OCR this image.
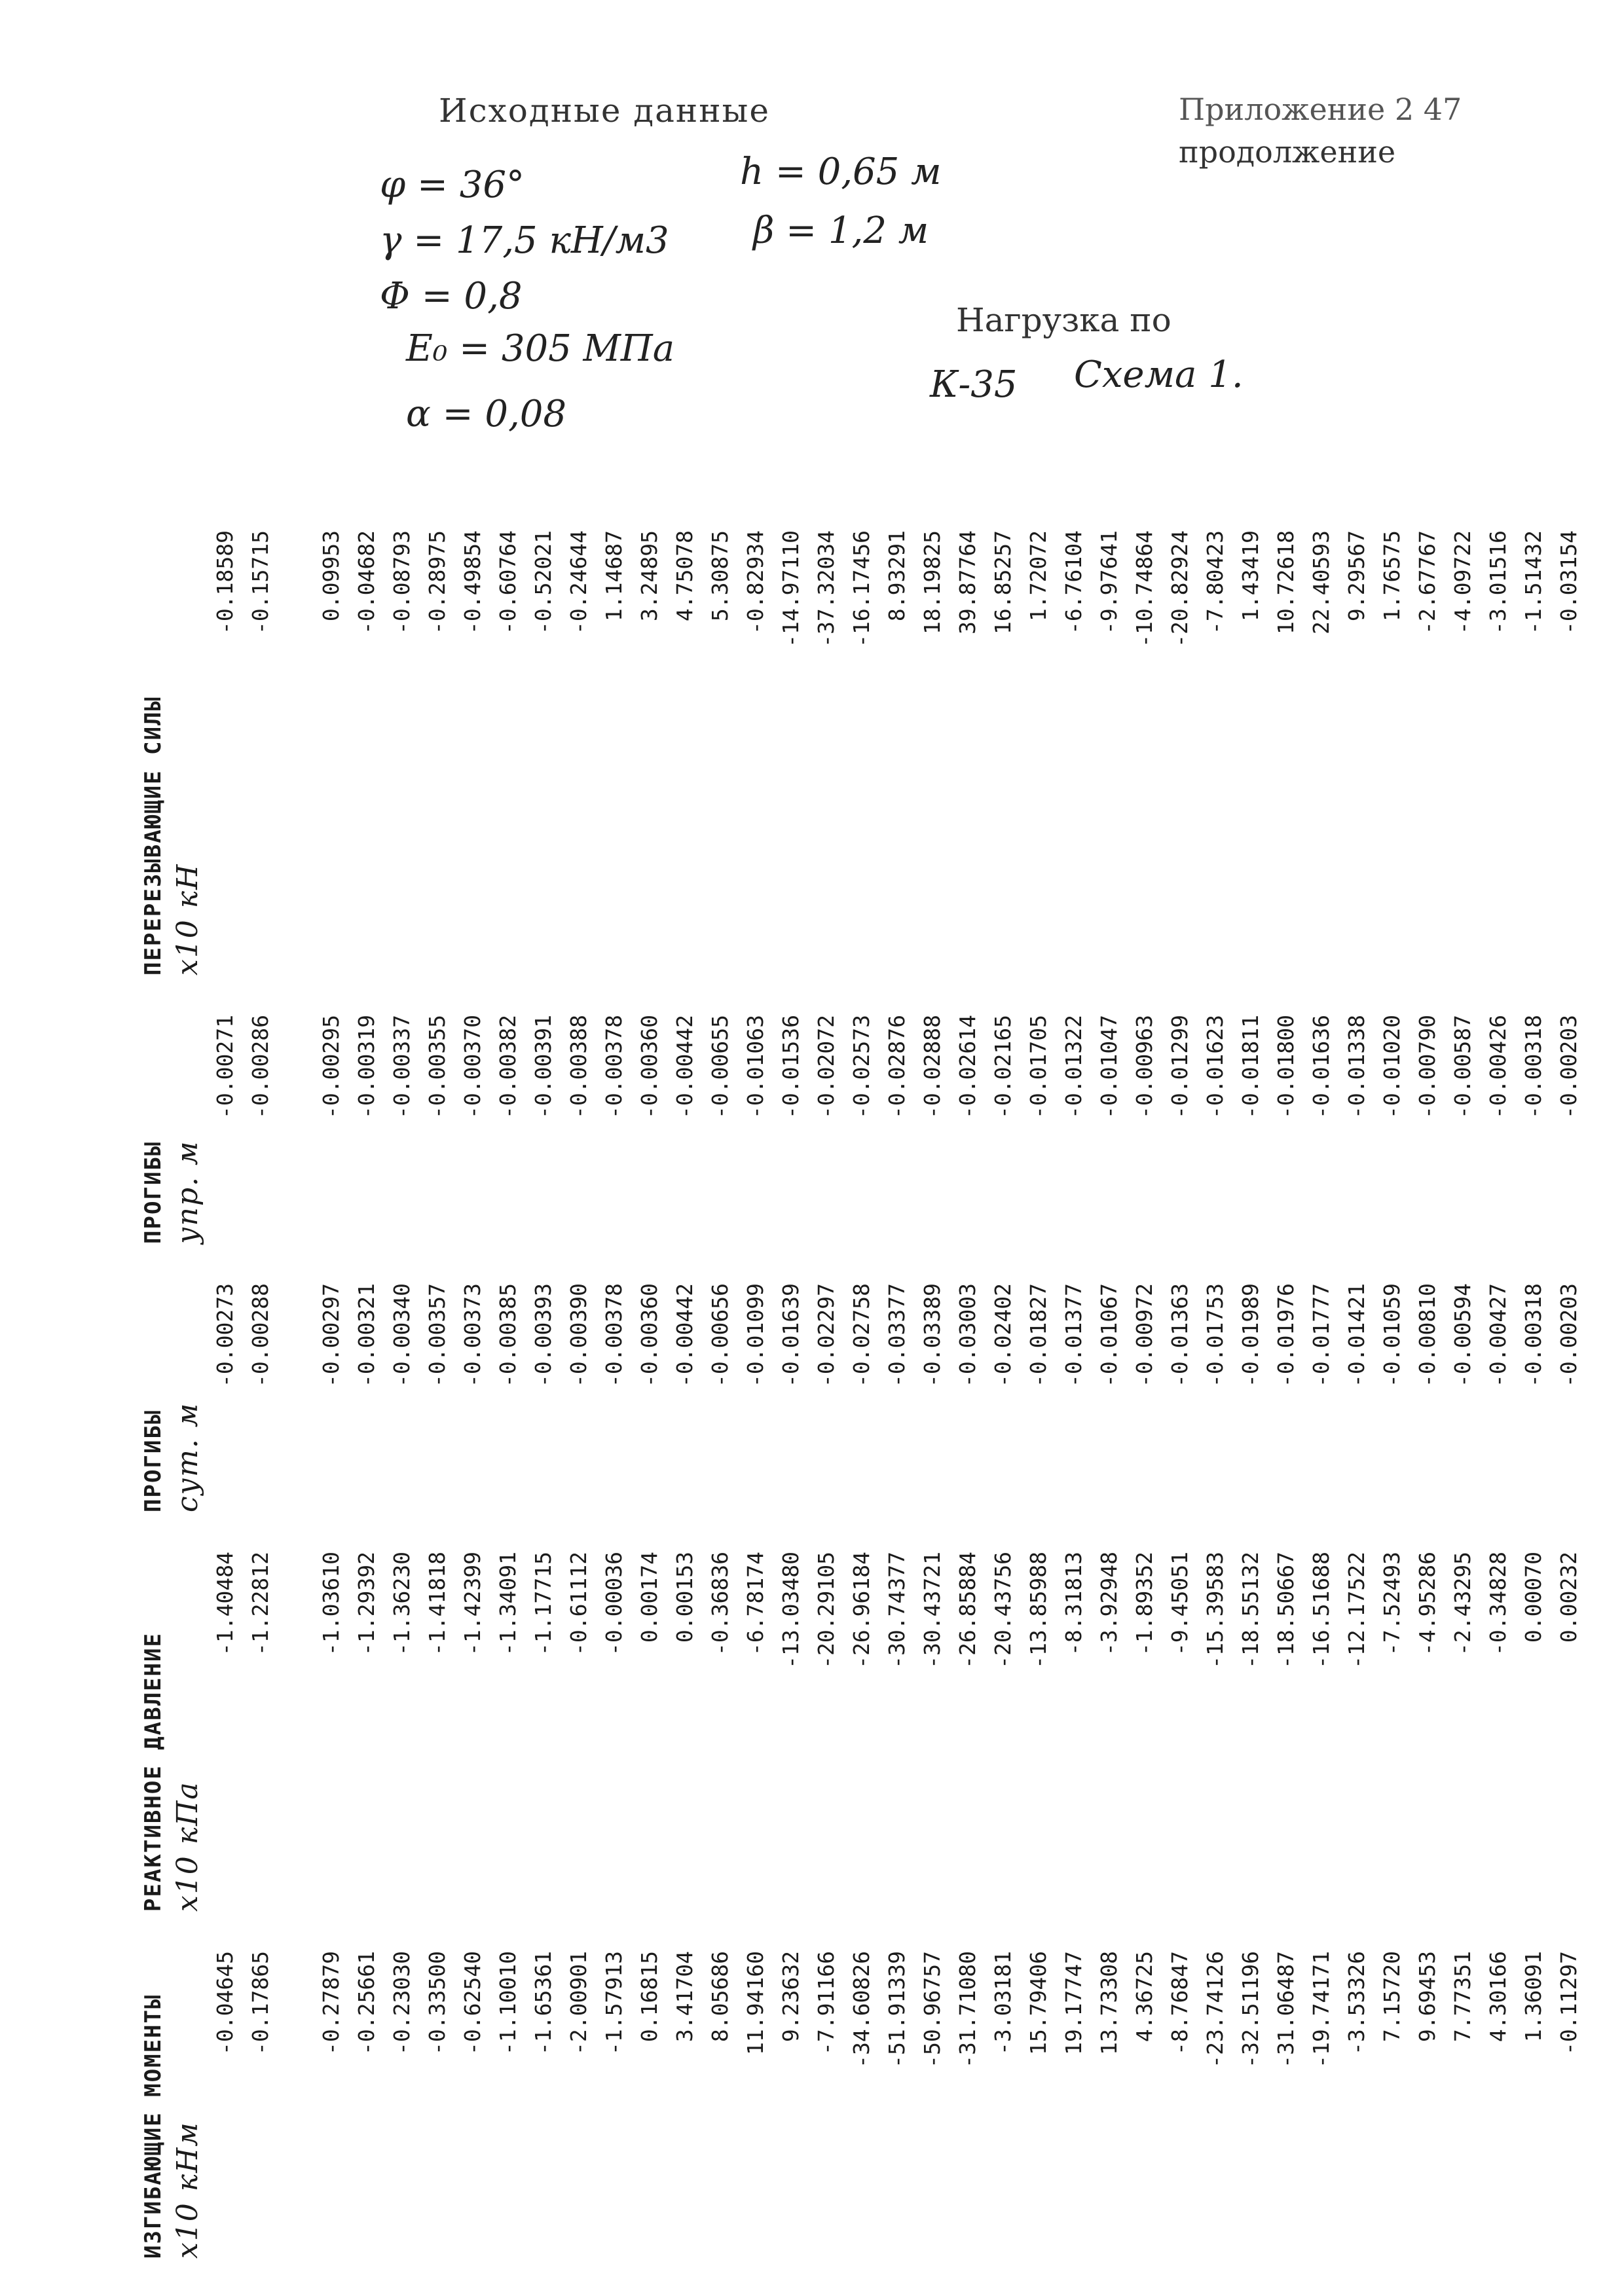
Исходные данные	Приложение 2 47
продолжение
φ = 36°
γ = 17,5 кН/м3
Φ = 0,8
E₀ = 305 МПа
α = 0,08
h = 0,65 м
β = 1,2 м
Нагрузка по
К-35 Схема 1.
ИЗГИБАЮЩИЕ МОМЕНТЫ	РЕАКТИВНОЕ ДАВЛЕНИЕ	ПРОГИБЫ	ПРОГИБЫ	ПЕРЕРЕЗЫВАЮЩИЕ СИЛЫ
x10 кНм	x10 кПа	сут. м	упр. м	x10 кН
-0.04645	-1.40484	-0.00273	-0.00271	-0.18589
-0.17865	-1.22812	-0.00288	-0.00286	-0.15715

-0.27879	-1.03610	-0.00297	-0.00295	0.09953
-0.25661	-1.29392	-0.00321	-0.00319	-0.04682
-0.23030	-1.36230	-0.00340	-0.00337	-0.08793
-0.33500	-1.41818	-0.00357	-0.00355	-0.28975
-0.62540	-1.42399	-0.00373	-0.00370	-0.49854
-1.10010	-1.34091	-0.00385	-0.00382	-0.60764
-1.65361	-1.17715	-0.00393	-0.00391	-0.52021
-2.00901	-0.61112	-0.00390	-0.00388	-0.24644
-1.57913	-0.00036	-0.00378	-0.00378	1.14687
0.16815	0.00174	-0.00360	-0.00360	3.24895
3.41704	0.00153	-0.00442	-0.00442	4.75078
8.05686	-0.36836	-0.00656	-0.00655	5.30875
11.94160	-6.78174	-0.01099	-0.01063	-0.82934
9.23632	-13.03480	-0.01639	-0.01536	-14.97110
-7.91166	-20.29105	-0.02297	-0.02072	-37.32034
-34.60826	-26.96184	-0.02758	-0.02573	-16.17456
-51.91339	-30.74377	-0.03377	-0.02876	8.93291
-50.96757	-30.43721	-0.03389	-0.02888	18.19825
-31.71080	-26.85884	-0.03003	-0.02614	39.87764
-3.03181	-20.43756	-0.02402	-0.02165	16.85257
15.79406	-13.85988	-0.01827	-0.01705	1.72072
19.17747	-8.31813	-0.01377	-0.01322	-6.76104
13.73308	-3.92948	-0.01067	-0.01047	-9.97641
4.36725	-1.89352	-0.00972	-0.00963	-10.74864
-8.76847	-9.45051	-0.01363	-0.01299	-20.82924
-23.74126	-15.39583	-0.01753	-0.01623	-7.80423
-32.51196	-18.55132	-0.01989	-0.01811	1.43419
-31.06487	-18.50667	-0.01976	-0.01800	10.72618
-19.74171	-16.51688	-0.01777	-0.01636	22.40593
-3.53326	-12.17522	-0.01421	-0.01338	9.29567
7.15720	-7.52493	-0.01059	-0.01020	1.76575
9.69453	-4.95286	-0.00810	-0.00790	-2.67767
7.77351	-2.43295	-0.00594	-0.00587	-4.09722
4.30166	-0.34828	-0.00427	-0.00426	-3.01516
1.36091	0.00070	-0.00318	-0.00318	-1.51432
-0.11297	0.00232	-0.00203	-0.00203	-0.03154
